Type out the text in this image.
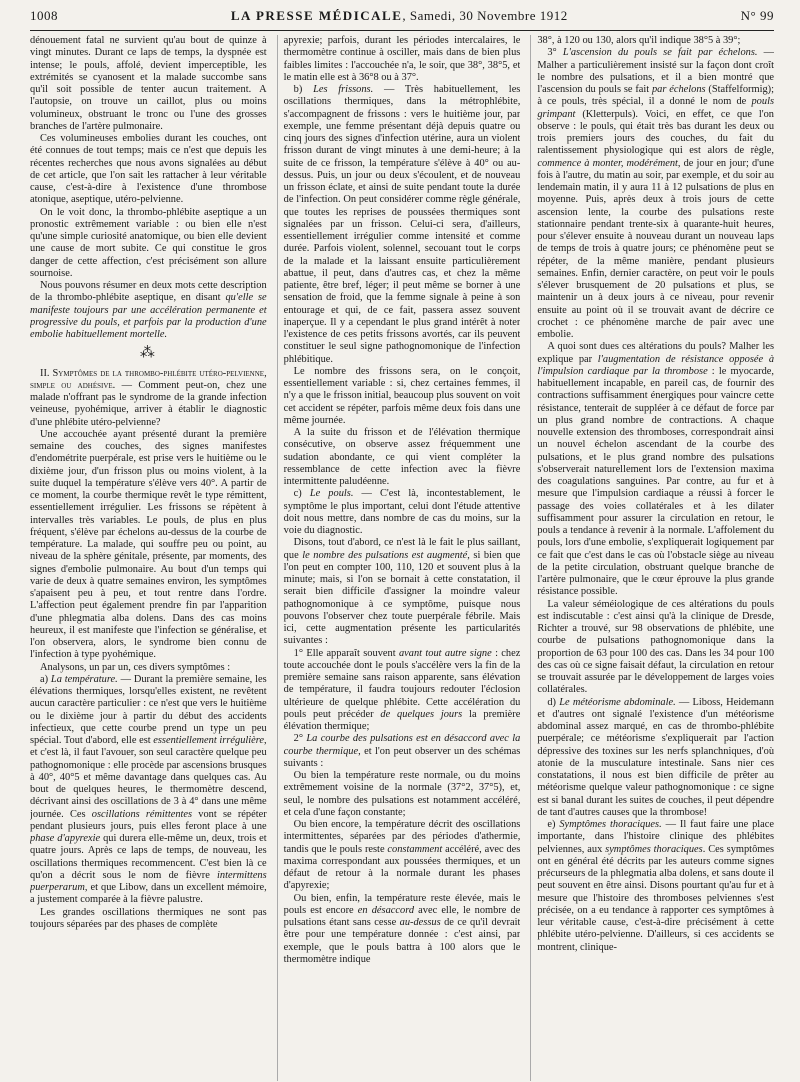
1008	LA PRESSE MÉDICALE, Samedi, 30 Novembre 1912	N° 99

dénouement fatal ne survient qu'au bout de quinze à vingt minutes. Durant ce laps de temps, la dyspnée est intense; le pouls, affolé, devient imperceptible, les extrémités se cyanosent et la malade succombe sans qu'il soit possible de tenter aucun traitement. A l'autopsie, on trouve un caillot, plus ou moins volumineux, obstruant le tronc ou l'une des grosses branches de l'artère pulmonaire.

Ces volumineuses embolies durant les couches, ont été connues de tout temps; mais ce n'est que depuis les récentes recherches que nous avons signalées au début de cet article, que l'on sait les rattacher à leur véritable cause, c'est-à-dire à l'existence d'une thrombose atonique, aseptique, utéro-pelvienne.

On le voit donc, la thrombo-phlébite aseptique a un pronostic extrêmement variable : ou bien elle n'est qu'une simple curiosité anatomique, ou bien elle devient une cause de mort subite. Ce qui constitue le gros danger de cette affection, c'est précisément son allure sournoise.

Nous pouvons résumer en deux mots cette description de la thrombo-phlébite aseptique, en disant qu'elle se manifeste toujours par une accélération permanente et progressive du pouls, et parfois par la production d'une embolie habituellement mortelle.

⁂

II. Symptômes de la thrombo-phlébite utéro-pelvienne, simple ou adhésive. — Comment peut-on, chez une malade n'offrant pas le syndrome de la grande infection veineuse, pyohémique, arriver à établir le diagnostic d'une phlébite utéro-pelvienne?

Une accouchée ayant présenté durant la première semaine des couches, des signes manifestes d'endométrite puerpérale, est prise vers le huitième ou le dixième jour, d'un frisson plus ou moins violent, à la suite duquel la température s'élève vers 40°. A partir de ce moment, la courbe thermique revêt le type rémittent, essentiellement irrégulier. Les frissons se répètent à intervalles très variables. Le pouls, de plus en plus fréquent, s'élève par échelons au-dessus de la courbe de température. La malade, qui souffre peu ou point, au niveau de la sphère génitale, présente, par moments, des signes d'embolie pulmonaire. Au bout d'un temps qui varie de deux à quatre semaines environ, les symptômes s'apaisent peu à peu, et tout rentre dans l'ordre. L'affection peut également prendre fin par l'apparition d'une phlegmatia alba dolens. Dans des cas moins heureux, il est manifeste que l'infection se généralise, et l'on observera, alors, le syndrome bien connu de l'infection à type pyohémique.

Analysons, un par un, ces divers symptômes :

a) La température. — Durant la première semaine, les élévations thermiques, lorsqu'elles existent, ne revêtent aucun caractère particulier : ce n'est que vers le huitième ou le dixième jour à partir du début des accidents infectieux, que cette courbe prend un type un peu spécial. Tout d'abord, elle est essentiellement irrégulière, et c'est là, il faut l'avouer, son seul caractère quelque peu pathognomonique : elle procède par ascensions brusques à 40°, 40°5 et même davantage dans quelques cas. Au bout de quelques heures, le thermomètre descend, décrivant ainsi des oscillations de 3 à 4° dans une même journée. Ces oscillations rémittentes vont se répéter pendant plusieurs jours, puis elles feront place à une phase d'apyrexie qui durera elle-même un, deux, trois et quatre jours. Après ce laps de temps, de nouveau, les oscillations thermiques recommencent. C'est bien là ce qu'on a décrit sous le nom de fièvre intermittens puerperarum, et que Libow, dans un excellent mémoire, a justement comparée à la fièvre palustre.

Les grandes oscillations thermiques ne sont pas toujours séparées par des phases de complète

apyrexie; parfois, durant les périodes intercalaires, le thermomètre continue à osciller, mais dans de bien plus faibles limites : l'accouchée n'a, le soir, que 38°, 38°5, et le matin elle est à 36°8 ou à 37°.

b) Les frissons. — Très habituellement, les oscillations thermiques, dans la métrophlébite, s'accompagnent de frissons : vers le huitième jour, par exemple, une femme présentant déjà depuis quatre ou cinq jours des signes d'infection utérine, aura un violent frisson durant de vingt minutes à une demi-heure; à la suite de ce frisson, la température s'élève à 40° ou au-dessus. Puis, un jour ou deux s'écoulent, et de nouveau un frisson éclate, et ainsi de suite pendant toute la durée de l'infection. On peut considérer comme règle générale, que toutes les reprises de poussées thermiques sont signalées par un frisson. Celui-ci sera, d'ailleurs, essentiellement irrégulier comme intensité et comme durée. Parfois violent, solennel, secouant tout le corps de la malade et la laissant ensuite particulièrement abattue, il peut, dans d'autres cas, et chez la même patiente, être bref, léger; il peut même se borner à une sensation de froid, que la femme signale à peine à son entourage et qui, de ce fait, passera assez souvent inaperçue. Il y a cependant le plus grand intérêt à noter l'existence de ces petits frissons avortés, car ils peuvent constituer le seul signe pathognomonique de l'infection phlébitique.

Le nombre des frissons sera, on le conçoit, essentiellement variable : si, chez certaines femmes, il n'y a que le frisson initial, beaucoup plus souvent on voit cet accident se répéter, parfois même deux fois dans une même journée.

A la suite du frisson et de l'élévation thermique consécutive, on observe assez fréquemment une sudation abondante, ce qui vient compléter la ressemblance de cette infection avec la fièvre intermittente paludéenne.

c) Le pouls. — C'est là, incontestablement, le symptôme le plus important, celui dont l'étude attentive doit nous mettre, dans nombre de cas du moins, sur la voie du diagnostic.

Disons, tout d'abord, ce n'est là le fait le plus saillant, que le nombre des pulsations est augmenté, si bien que l'on peut en compter 100, 110, 120 et souvent plus à la minute; mais, si l'on se bornait à cette constatation, il serait bien difficile d'assigner la moindre valeur pathognomonique à ce symptôme, puisque nous pouvons l'observer chez toute puerpérale fébrile. Mais ici, cette augmentation présente les particularités suivantes :

1° Elle apparaît souvent avant tout autre signe : chez toute accouchée dont le pouls s'accélère vers la fin de la première semaine sans raison apparente, sans élévation de température, il faudra toujours redouter l'éclosion ultérieure de quelque phlébite. Cette accélération du pouls peut précéder de quelques jours la première élévation thermique;

2° La courbe des pulsations est en désaccord avec la courbe thermique, et l'on peut observer un des schémas suivants :

Ou bien la température reste normale, ou du moins extrêmement voisine de la normale (37°2, 37°5), et, seul, le nombre des pulsations est notamment accéléré, et cela d'une façon constante;

Ou bien encore, la température décrit des oscillations intermittentes, séparées par des périodes d'athermie, tandis que le pouls reste constamment accéléré, avec des maxima correspondant aux poussées thermiques, et un défaut de retour à la normale durant les phases d'apyrexie;

Ou bien, enfin, la température reste élevée, mais le pouls est encore en désaccord avec elle, le nombre de pulsations étant sans cesse au-dessus de ce qu'il devrait être pour une température donnée : c'est ainsi, par exemple, que le pouls battra à 100 alors que le thermomètre indique

38°, à 120 ou 130, alors qu'il indique 38°5 à 39°;

3° L'ascension du pouls se fait par échelons. — Malher a particulièrement insisté sur la façon dont croît le nombre des pulsations, et il a bien montré que l'ascension du pouls se fait par échelons (Staffelformig); à ce pouls, très spécial, il a donné le nom de pouls grimpant (Kletterpuls). Voici, en effet, ce que l'on observe : le pouls, qui était très bas durant les deux ou trois premiers jours des couches, du fait du ralentissement physiologique qui est alors de règle, commence à monter, modérément, de jour en jour; d'une fois à l'autre, du matin au soir, par exemple, et du soir au lendemain matin, il y aura 11 à 12 pulsations de plus en moyenne. Puis, après deux à trois jours de cette ascension lente, la courbe des pulsations reste stationnaire pendant trente-six à quarante-huit heures, pour s'élever ensuite à nouveau durant un nouveau laps de temps de trois à quatre jours; ce phénomène peut se répéter, de la même manière, pendant plusieurs semaines. Enfin, dernier caractère, on peut voir le pouls s'élever brusquement de 20 pulsations et plus, se maintenir un à deux jours à ce niveau, pour revenir ensuite au point où il se trouvait avant de décrire ce crochet : ce phénomène marche de pair avec une embolie.

A quoi sont dues ces altérations du pouls? Malher les explique par l'augmentation de résistance opposée à l'impulsion cardiaque par la thrombose : le myocarde, habituellement incapable, en pareil cas, de fournir des contractions suffisamment énergiques pour vaincre cette résistance, tenterait de suppléer à ce défaut de force par un plus grand nombre de contractions. A chaque nouvelle extension des thromboses, correspondrait ainsi un nouvel échelon ascendant de la courbe des pulsations, et le plus grand nombre des pulsations s'observerait naturellement lors de l'extension maxima des coagulations sanguines. Par contre, au fur et à mesure que l'impulsion cardiaque a réussi à forcer le passage des voies collatérales et à les dilater suffisamment pour assurer la circulation en retour, le pouls a tendance à revenir à la normale. L'affolement du pouls, lors d'une embolie, s'expliquerait logiquement par ce fait que c'est dans le cas où l'obstacle siège au niveau de la petite circulation, obstruant quelque branche de l'artère pulmonaire, que le cœur éprouve la plus grande résistance possible.

La valeur séméiologique de ces altérations du pouls est indiscutable : c'est ainsi qu'à la clinique de Dresde, Richter a trouvé, sur 98 observations de phlébite, une courbe de pulsations pathognomonique dans la proportion de 63 pour 100 des cas. Dans les 34 pour 100 des cas où ce signe faisait défaut, la circulation en retour se trouvait assurée par le développement de larges voies collatérales.

d) Le météorisme abdominale. — Liboss, Heidemann et d'autres ont signalé l'existence d'un météorisme abdominal assez marqué, en cas de thrombo-phlébite puerpérale; ce météorisme s'expliquerait par l'action dépressive des toxines sur les nerfs splanchniques, d'où atonie de la musculature intestinale. Sans nier ces constatations, il nous est bien difficile de prêter au météorisme quelque valeur pathognomonique : ce signe est si banal durant les suites de couches, il peut dépendre de tant d'autres causes que la thrombose!

e) Symptômes thoraciques. — Il faut faire une place importante, dans l'histoire clinique des phlébites pelviennes, aux symptômes thoraciques. Ces symptômes ont en général été décrits par les auteurs comme signes précurseurs de la phlegmatia alba dolens, et sans doute il peut souvent en être ainsi. Disons pourtant qu'au fur et à mesure que l'histoire des thromboses pelviennes s'est précisée, on a eu tendance à rapporter ces symptômes à leur véritable cause, c'est-à-dire précisément à cette phlébite utéro-pelvienne. D'ailleurs, si ces accidents se montrent, clinique-
